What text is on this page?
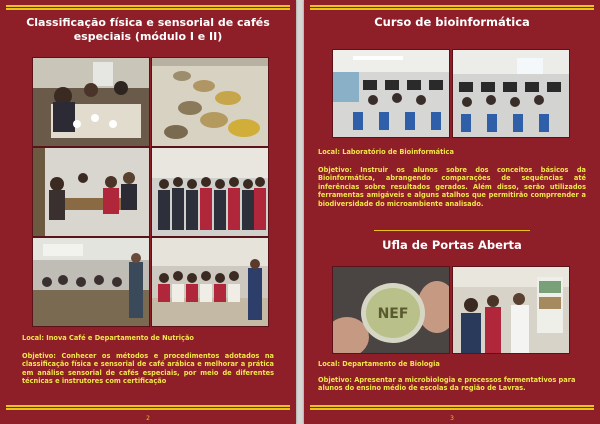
Classificação física e sensorial de cafés especiais (módulo I e II)
Local: Inova Café e Departamento de Nutrição
Objetivo: Conhecer os métodos e procedimentos adotados na classificação física e sensorial de café arábica e melhorar a prática em análise sensorial de cafés especiais, por meio de diferentes técnicas e instrutores com certificação
2
Curso de bioinformática
Local: Laboratório de Bioinformática
Objetivo: Instruir os alunos sobre dos conceitos básicos da Bioinformática, abrangendo comparações de sequências até inferências sobre resultados gerados. Além disso, serão utilizados ferramentas amigáveis e alguns atalhos que permitirão comprrender a biodiversidade do microambiente analisado.
Ufla de Portas Aberta
NEF
Local: Departamento de Biologia
Objetivo: Apresentar a microbiologia e processos fermentativos para alunos do ensino médio de escolas da região de Lavras.
3
